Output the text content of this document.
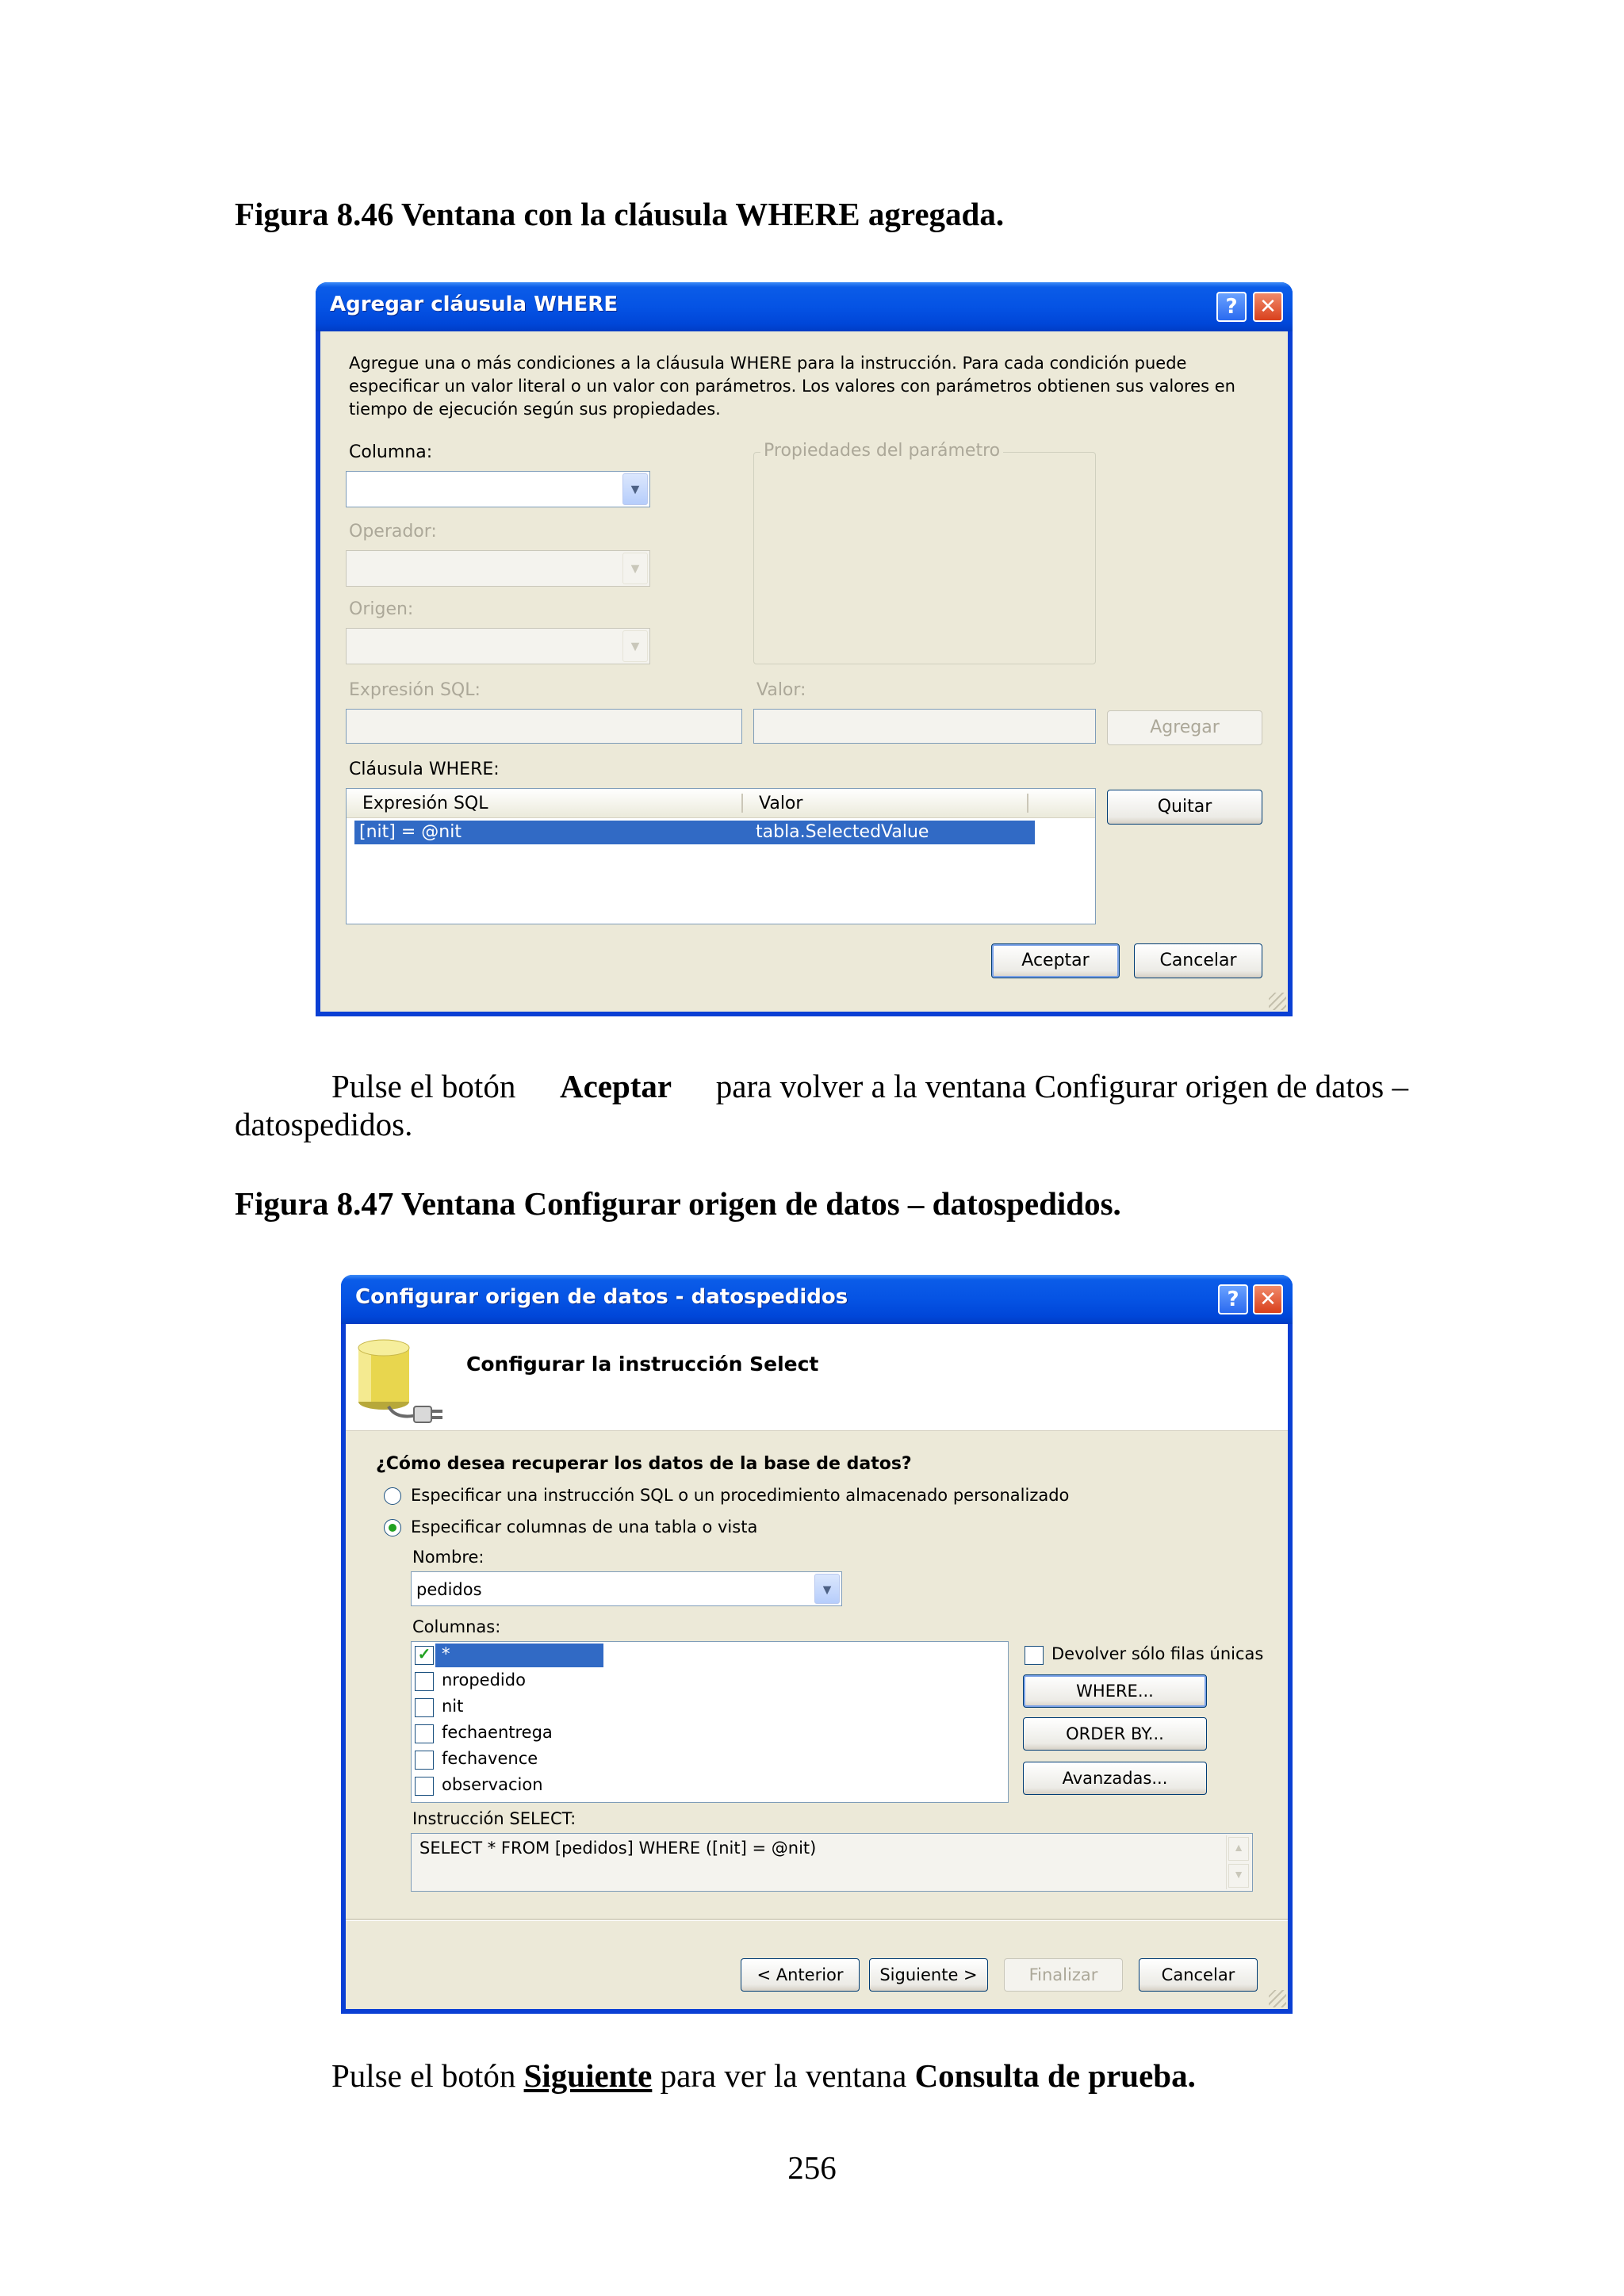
Figura 8.46 Ventana con la cláusula WHERE agregada.
Agregar cláusula WHERE	?	✕
Agregue una o más condiciones a la cláusula WHERE para la instrucción. Para cada condición puede
especificar un valor literal o un valor con parámetros. Los valores con parámetros obtienen sus valores en
tiempo de ejecución según sus propiedades.
Columna:
▼
Operador:
▼
Origen:
▼
Propiedades del parámetro
Expresión SQL:	Valor:
Agregar
Cláusula WHERE:
Expresión SQL	Valor
[nit] = @nit	tabla.SelectedValue
Quitar
Aceptar	Cancelar
Pulse el botón Aceptar para volver a la ventana Configurar origen de datos –
datospedidos.
Figura 8.47 Ventana Configurar origen de datos – datospedidos.
Configurar origen de datos - datospedidos	? ✕
Configurar la instrucción Select
¿Cómo desea recuperar los datos de la base de datos?
Especificar una instrucción SQL o un procedimiento almacenado personalizado
Especificar columnas de una tabla o vista
Nombre:
pedidos	▼
Columnas:
✓ *
nropedido
nit
fechaentrega
fechavence
observacion
Devolver sólo filas únicas
WHERE...
ORDER BY...
Avanzadas...
Instrucción SELECT:
SELECT * FROM [pedidos] WHERE ([nit] = @nit)	▲
▼
< Anterior	Siguiente >	Finalizar	Cancelar
Pulse el botón Siguiente para ver la ventana Consulta de prueba.
256
